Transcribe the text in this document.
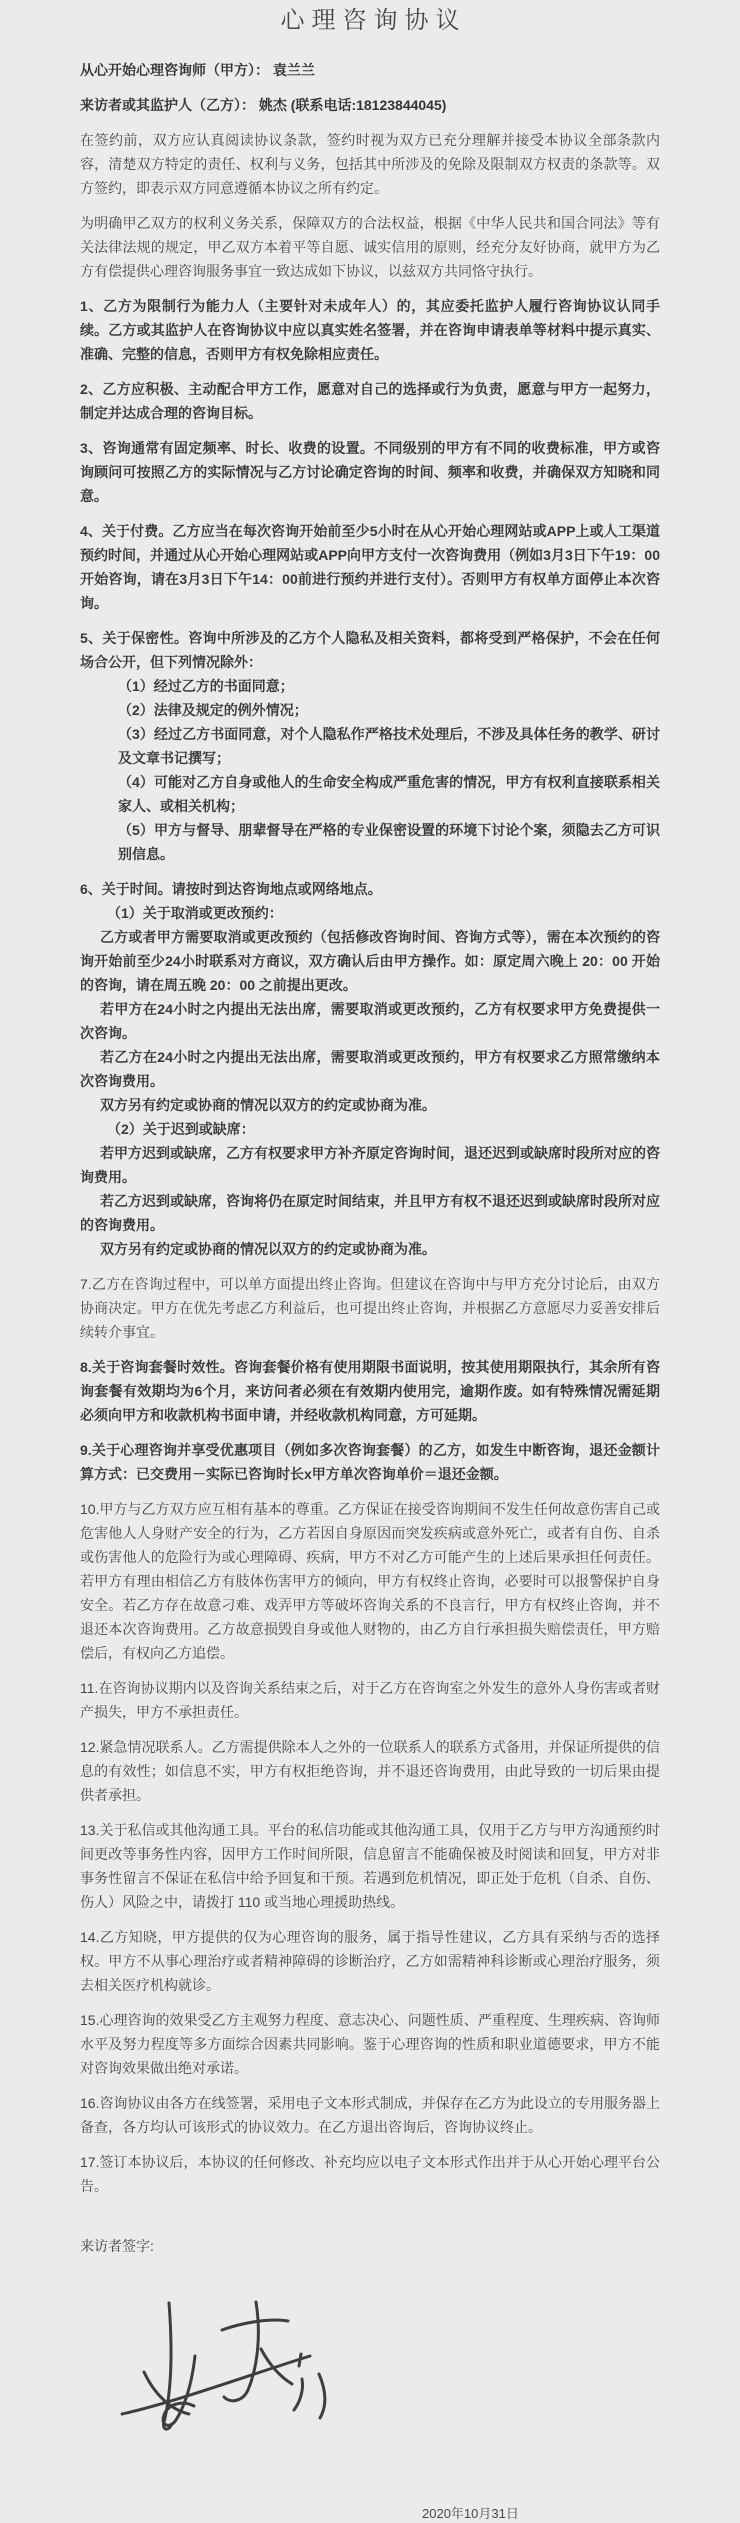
心理咨询协议

从心开始心理咨询师（甲方）： 袁兰兰

来访者或其监护人（乙方）： 姚杰 (联系电话:18123844045)

在签约前，双方应认真阅读协议条款，签约时视为双方已充分理解并接受本协议全部条款内容，清楚双方特定的责任、权利与义务，包括其中所涉及的免除及限制双方权责的条款等。双方签约，即表示双方同意遵循本协议之所有约定。

为明确甲乙双方的权利义务关系，保障双方的合法权益，根据《中华人民共和国合同法》等有关法律法规的规定，甲乙双方本着平等自愿、诚实信用的原则，经充分友好协商，就甲方为乙方有偿提供心理咨询服务事宜一致达成如下协议，以兹双方共同恪守执行。

1、乙方为限制行为能力人（主要针对未成年人）的，其应委托监护人履行咨询协议认同手续。乙方或其监护人在咨询协议中应以真实姓名签署，并在咨询申请表单等材料中提示真实、准确、完整的信息，否则甲方有权免除相应责任。

2、乙方应积极、主动配合甲方工作，愿意对自己的选择或行为负责，愿意与甲方一起努力，制定并达成合理的咨询目标。

3、咨询通常有固定频率、时长、收费的设置。不同级别的甲方有不同的收费标准，甲方或咨询顾问可按照乙方的实际情况与乙方讨论确定咨询的时间、频率和收费，并确保双方知晓和同意。

4、关于付费。乙方应当在每次咨询开始前至少5小时在从心开始心理网站或APP上或人工渠道预约时间，并通过从心开始心理网站或APP向甲方支付一次咨询费用（例如3月3日下午19：00开始咨询，请在3月3日下午14：00前进行预约并进行支付）。否则甲方有权单方面停止本次咨询。

5、关于保密性。咨询中所涉及的乙方个人隐私及相关资料，都将受到严格保护，不会在任何场合公开，但下列情况除外：

（1）经过乙方的书面同意；

（2）法律及规定的例外情况；

（3）经过乙方书面同意，对个人隐私作严格技术处理后，不涉及具体任务的教学、研讨及文章书记撰写；

（4）可能对乙方自身或他人的生命安全构成严重危害的情况，甲方有权利直接联系相关家人、或相关机构；

（5）甲方与督导、朋辈督导在严格的专业保密设置的环境下讨论个案，须隐去乙方可识别信息。

6、关于时间。请按时到达咨询地点或网络地点。

（1）关于取消或更改预约：

乙方或者甲方需要取消或更改预约（包括修改咨询时间、咨询方式等），需在本次预约的咨询开始前至少24小时联系对方商议，双方确认后由甲方操作。如：原定周六晚上 20：00 开始的咨询，请在周五晚 20：00 之前提出更改。

若甲方在24小时之内提出无法出席，需要取消或更改预约，乙方有权要求甲方免费提供一次咨询。

若乙方在24小时之内提出无法出席，需要取消或更改预约，甲方有权要求乙方照常缴纳本次咨询费用。

双方另有约定或协商的情况以双方的约定或协商为准。

（2）关于迟到或缺席：

若甲方迟到或缺席，乙方有权要求甲方补齐原定咨询时间，退还迟到或缺席时段所对应的咨询费用。

若乙方迟到或缺席，咨询将仍在原定时间结束，并且甲方有权不退还迟到或缺席时段所对应的咨询费用。

双方另有约定或协商的情况以双方的约定或协商为准。

7.乙方在咨询过程中，可以单方面提出终止咨询。但建议在咨询中与甲方充分讨论后，由双方协商决定。甲方在优先考虑乙方利益后，也可提出终止咨询，并根据乙方意愿尽力妥善安排后续转介事宜。

8.关于咨询套餐时效性。咨询套餐价格有使用期限书面说明，按其使用期限执行，其余所有咨询套餐有效期均为6个月，来访问者必须在有效期内使用完，逾期作废。如有特殊情况需延期必须向甲方和收款机构书面申请，并经收款机构同意，方可延期。

9.关于心理咨询并享受优惠项目（例如多次咨询套餐）的乙方，如发生中断咨询，退还金额计算方式：已交费用－实际已咨询时长x甲方单次咨询单价＝退还金额。

10.甲方与乙方双方应互相有基本的尊重。乙方保证在接受咨询期间不发生任何故意伤害自己或危害他人人身财产安全的行为，乙方若因自身原因而突发疾病或意外死亡，或者有自伤、自杀或伤害他人的危险行为或心理障碍、疾病，甲方不对乙方可能产生的上述后果承担任何责任。若甲方有理由相信乙方有肢体伤害甲方的倾向，甲方有权终止咨询，必要时可以报警保护自身安全。若乙方存在故意刁难、戏弄甲方等破坏咨询关系的不良言行，甲方有权终止咨询，并不退还本次咨询费用。乙方故意损毁自身或他人财物的，由乙方自行承担损失赔偿责任，甲方赔偿后，有权向乙方追偿。

11.在咨询协议期内以及咨询关系结束之后，对于乙方在咨询室之外发生的意外人身伤害或者财产损失，甲方不承担责任。

12.紧急情况联系人。乙方需提供除本人之外的一位联系人的联系方式备用，并保证所提供的信息的有效性；如信息不实，甲方有权拒绝咨询，并不退还咨询费用，由此导致的一切后果由提供者承担。

13.关于私信或其他沟通工具。平台的私信功能或其他沟通工具，仅用于乙方与甲方沟通预约时间更改等事务性内容，因甲方工作时间所限，信息留言不能确保被及时阅读和回复，甲方对非事务性留言不保证在私信中给予回复和干预。若遇到危机情况，即正处于危机（自杀、自伤、伤人）风险之中，请拨打 110 或当地心理援助热线。

14.乙方知晓，甲方提供的仅为心理咨询的服务，属于指导性建议，乙方具有采纳与否的选择权。甲方不从事心理治疗或者精神障碍的诊断治疗，乙方如需精神科诊断或心理治疗服务，须去相关医疗机构就诊。

15.心理咨询的效果受乙方主观努力程度、意志决心、问题性质、严重程度、生理疾病、咨询师水平及努力程度等多方面综合因素共同影响。鉴于心理咨询的性质和职业道德要求，甲方不能对咨询效果做出绝对承诺。

16.咨询协议由各方在线签署，采用电子文本形式制成，并保存在乙方为此设立的专用服务器上备查，各方均认可该形式的协议效力。在乙方退出咨询后，咨询协议终止。

17.签订本协议后，本协议的任何修改、补充均应以电子文本形式作出并于从心开始心理平台公告。

来访者签字:

2020年10月31日
